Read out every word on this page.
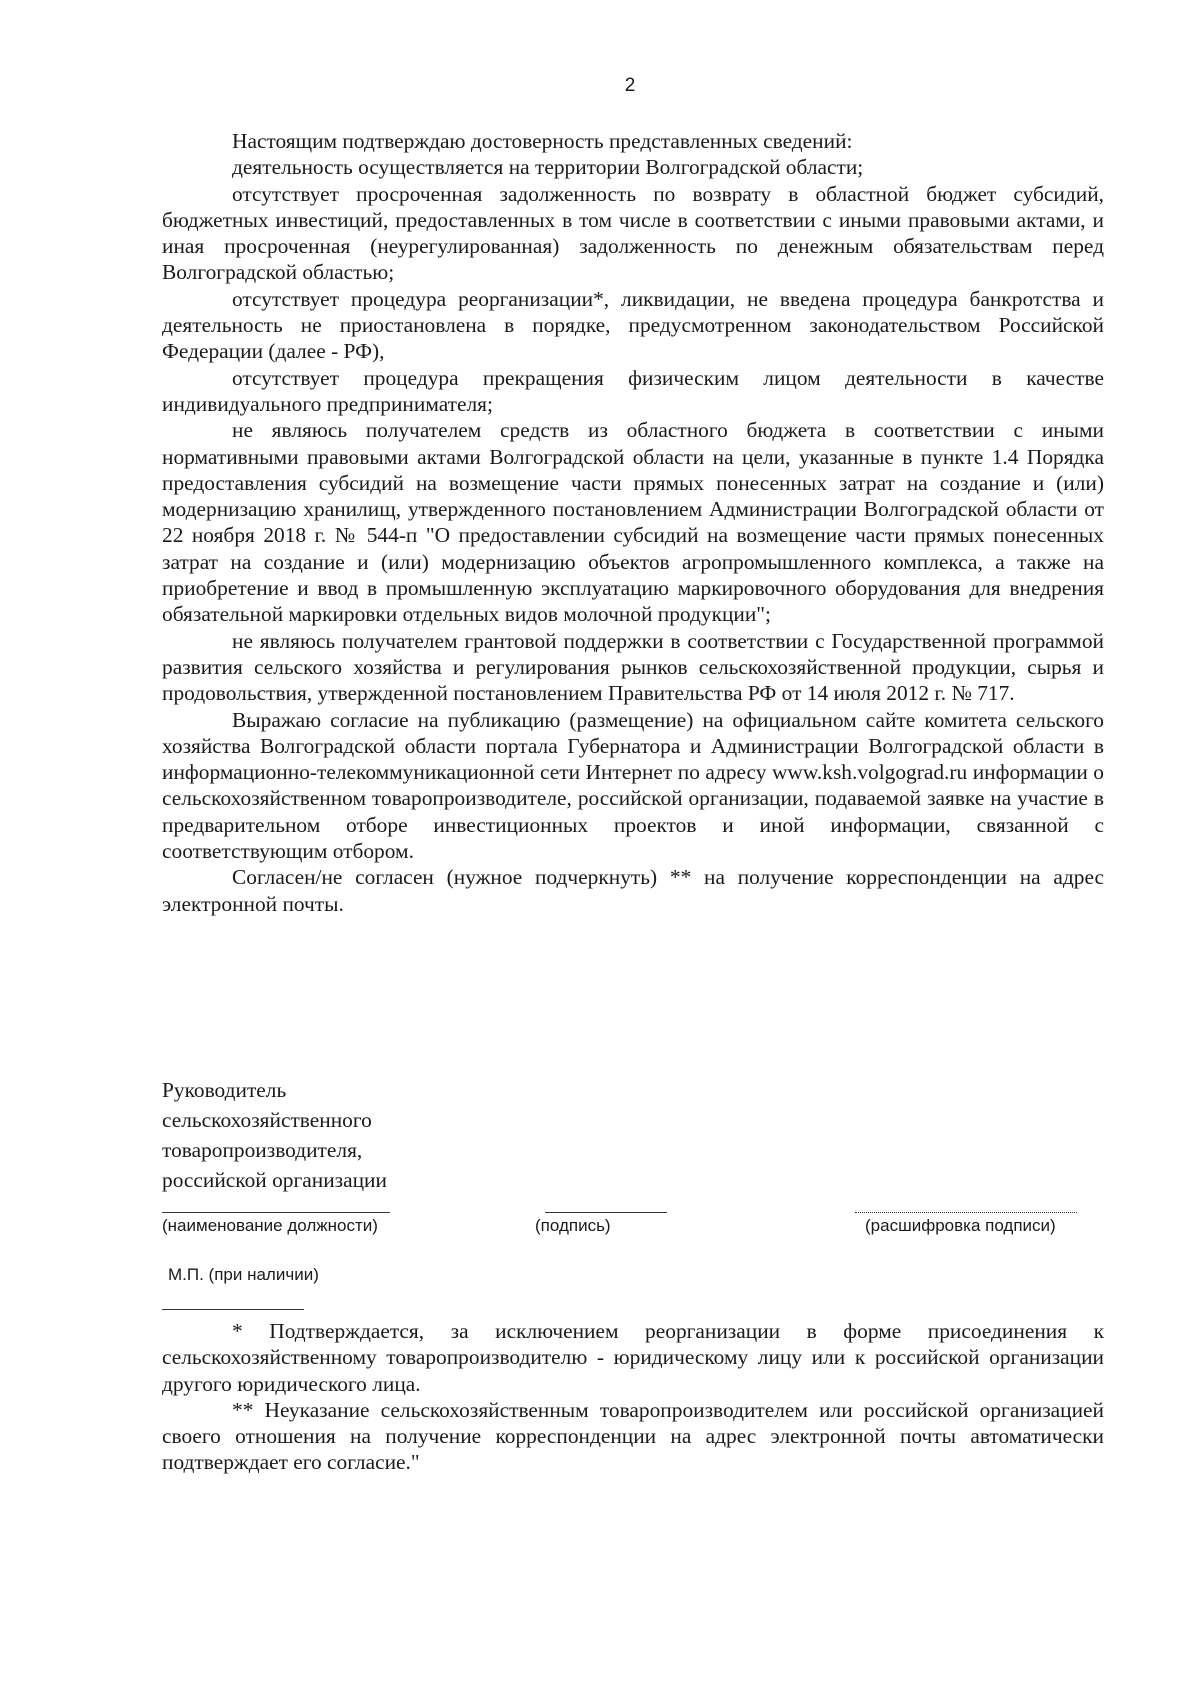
2

Настоящим подтверждаю достоверность представленных сведений:

деятельность осуществляется на территории Волгоградской области;

отсутствует просроченная задолженность по возврату в областной бюджет субсидий, бюджетных инвестиций, предоставленных в том числе в соответствии с иными правовыми актами, и иная просроченная (неурегулированная) задолженность по денежным обязательствам перед Волгоградской областью;

отсутствует процедура реорганизации*, ликвидации, не введена процедура банкротства и деятельность не приостановлена в порядке, предусмотренном законодательством Российской Федерации (далее - РФ),

отсутствует процедура прекращения физическим лицом деятельности в качестве индивидуального предпринимателя;

не являюсь получателем средств из областного бюджета в соответствии с иными нормативными правовыми актами Волгоградской области на цели, указанные в пункте 1.4 Порядка предоставления субсидий на возмещение части прямых понесенных затрат на создание и (или) модернизацию хранилищ, утвержденного постановлением Администрации Волгоградской области от 22 ноября 2018 г. № 544-п "О предоставлении субсидий на возмещение части прямых понесенных затрат на создание и (или) модернизацию объектов агропромышленного комплекса, а также на приобретение и ввод в промышленную эксплуатацию маркировочного оборудования для внедрения обязательной маркировки отдельных видов молочной продукции";

не являюсь получателем грантовой поддержки в соответствии с Государственной программой развития сельского хозяйства и регулирования рынков сельскохозяйственной продукции, сырья и продовольствия, утвержденной постановлением Правительства РФ от 14 июля 2012 г. № 717.

Выражаю согласие на публикацию (размещение) на официальном сайте комитета сельского хозяйства Волгоградской области портала Губернатора и Администрации Волгоградской области в информационно-телекоммуникационной сети Интернет по адресу www.ksh.volgograd.ru информации о сельскохозяйственном товаропроизводителе, российской организации, подаваемой заявке на участие в предварительном отборе инвестиционных проектов и иной информации, связанной с соответствующим отбором.

Согласен/не согласен (нужное подчеркнуть) ** на получение корреспонденции на адрес электронной почты.

Руководитель
сельскохозяйственного
товаропроизводителя,
российской организации
(наименование должности)	(подпись)	(расшифровка подписи)
М.П. (при наличии)

* Подтверждается, за исключением реорганизации в форме присоединения к сельскохозяйственному товаропроизводителю - юридическому лицу или к российской организации другого юридического лица.

** Неуказание сельскохозяйственным товаропроизводителем или российской организацией своего отношения на получение корреспонденции на адрес электронной почты автоматически подтверждает его согласие."
